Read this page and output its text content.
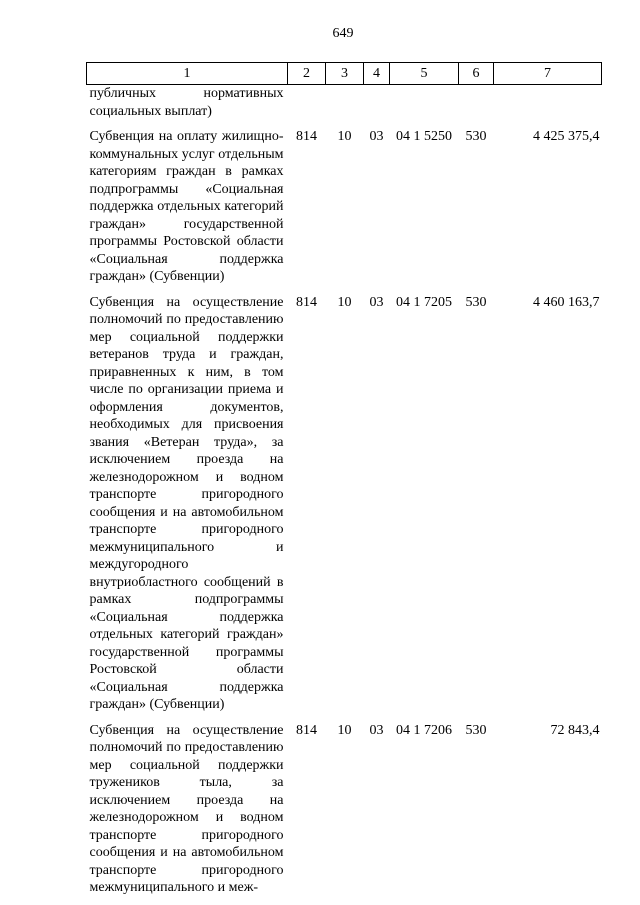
649
1	2	3	4	5	6	7
публичных нормативных социальных выплат)						
Субвенция на оплату жилищно-коммунальных услуг отдельным категориям граждан в рамках подпрограммы «Социальная поддержка отдельных категорий граждан» государственной программы Ростовской области «Социальная поддержка граждан» (Субвенции)	814	10	03	04 1 5250	530	4 425 375,4
Субвенция на осуществление полномочий по предоставлению мер социальной поддержки ветеранов труда и граждан, приравненных к ним, в том числе по организации приема и оформления документов, необходимых для присвоения звания «Ветеран труда», за исключением проезда на железнодорожном и водном транспорте пригородного сообщения и на автомобильном транспорте пригородного межмуниципального и междугородного внутриобластного сообщений в рамках подпрограммы «Социальная поддержка отдельных категорий граждан» государственной программы Ростовской области «Социальная поддержка граждан» (Субвенции)	814	10	03	04 1 7205	530	4 460 163,7
Субвенция на осуществление полномочий по предоставлению мер социальной поддержки тружеников тыла, за исключением проезда на железнодорожном и водном транспорте пригородного сообщения и на автомобильном транспорте пригородного межмуниципального и меж-	814	10	03	04 1 7206	530	72 843,4
